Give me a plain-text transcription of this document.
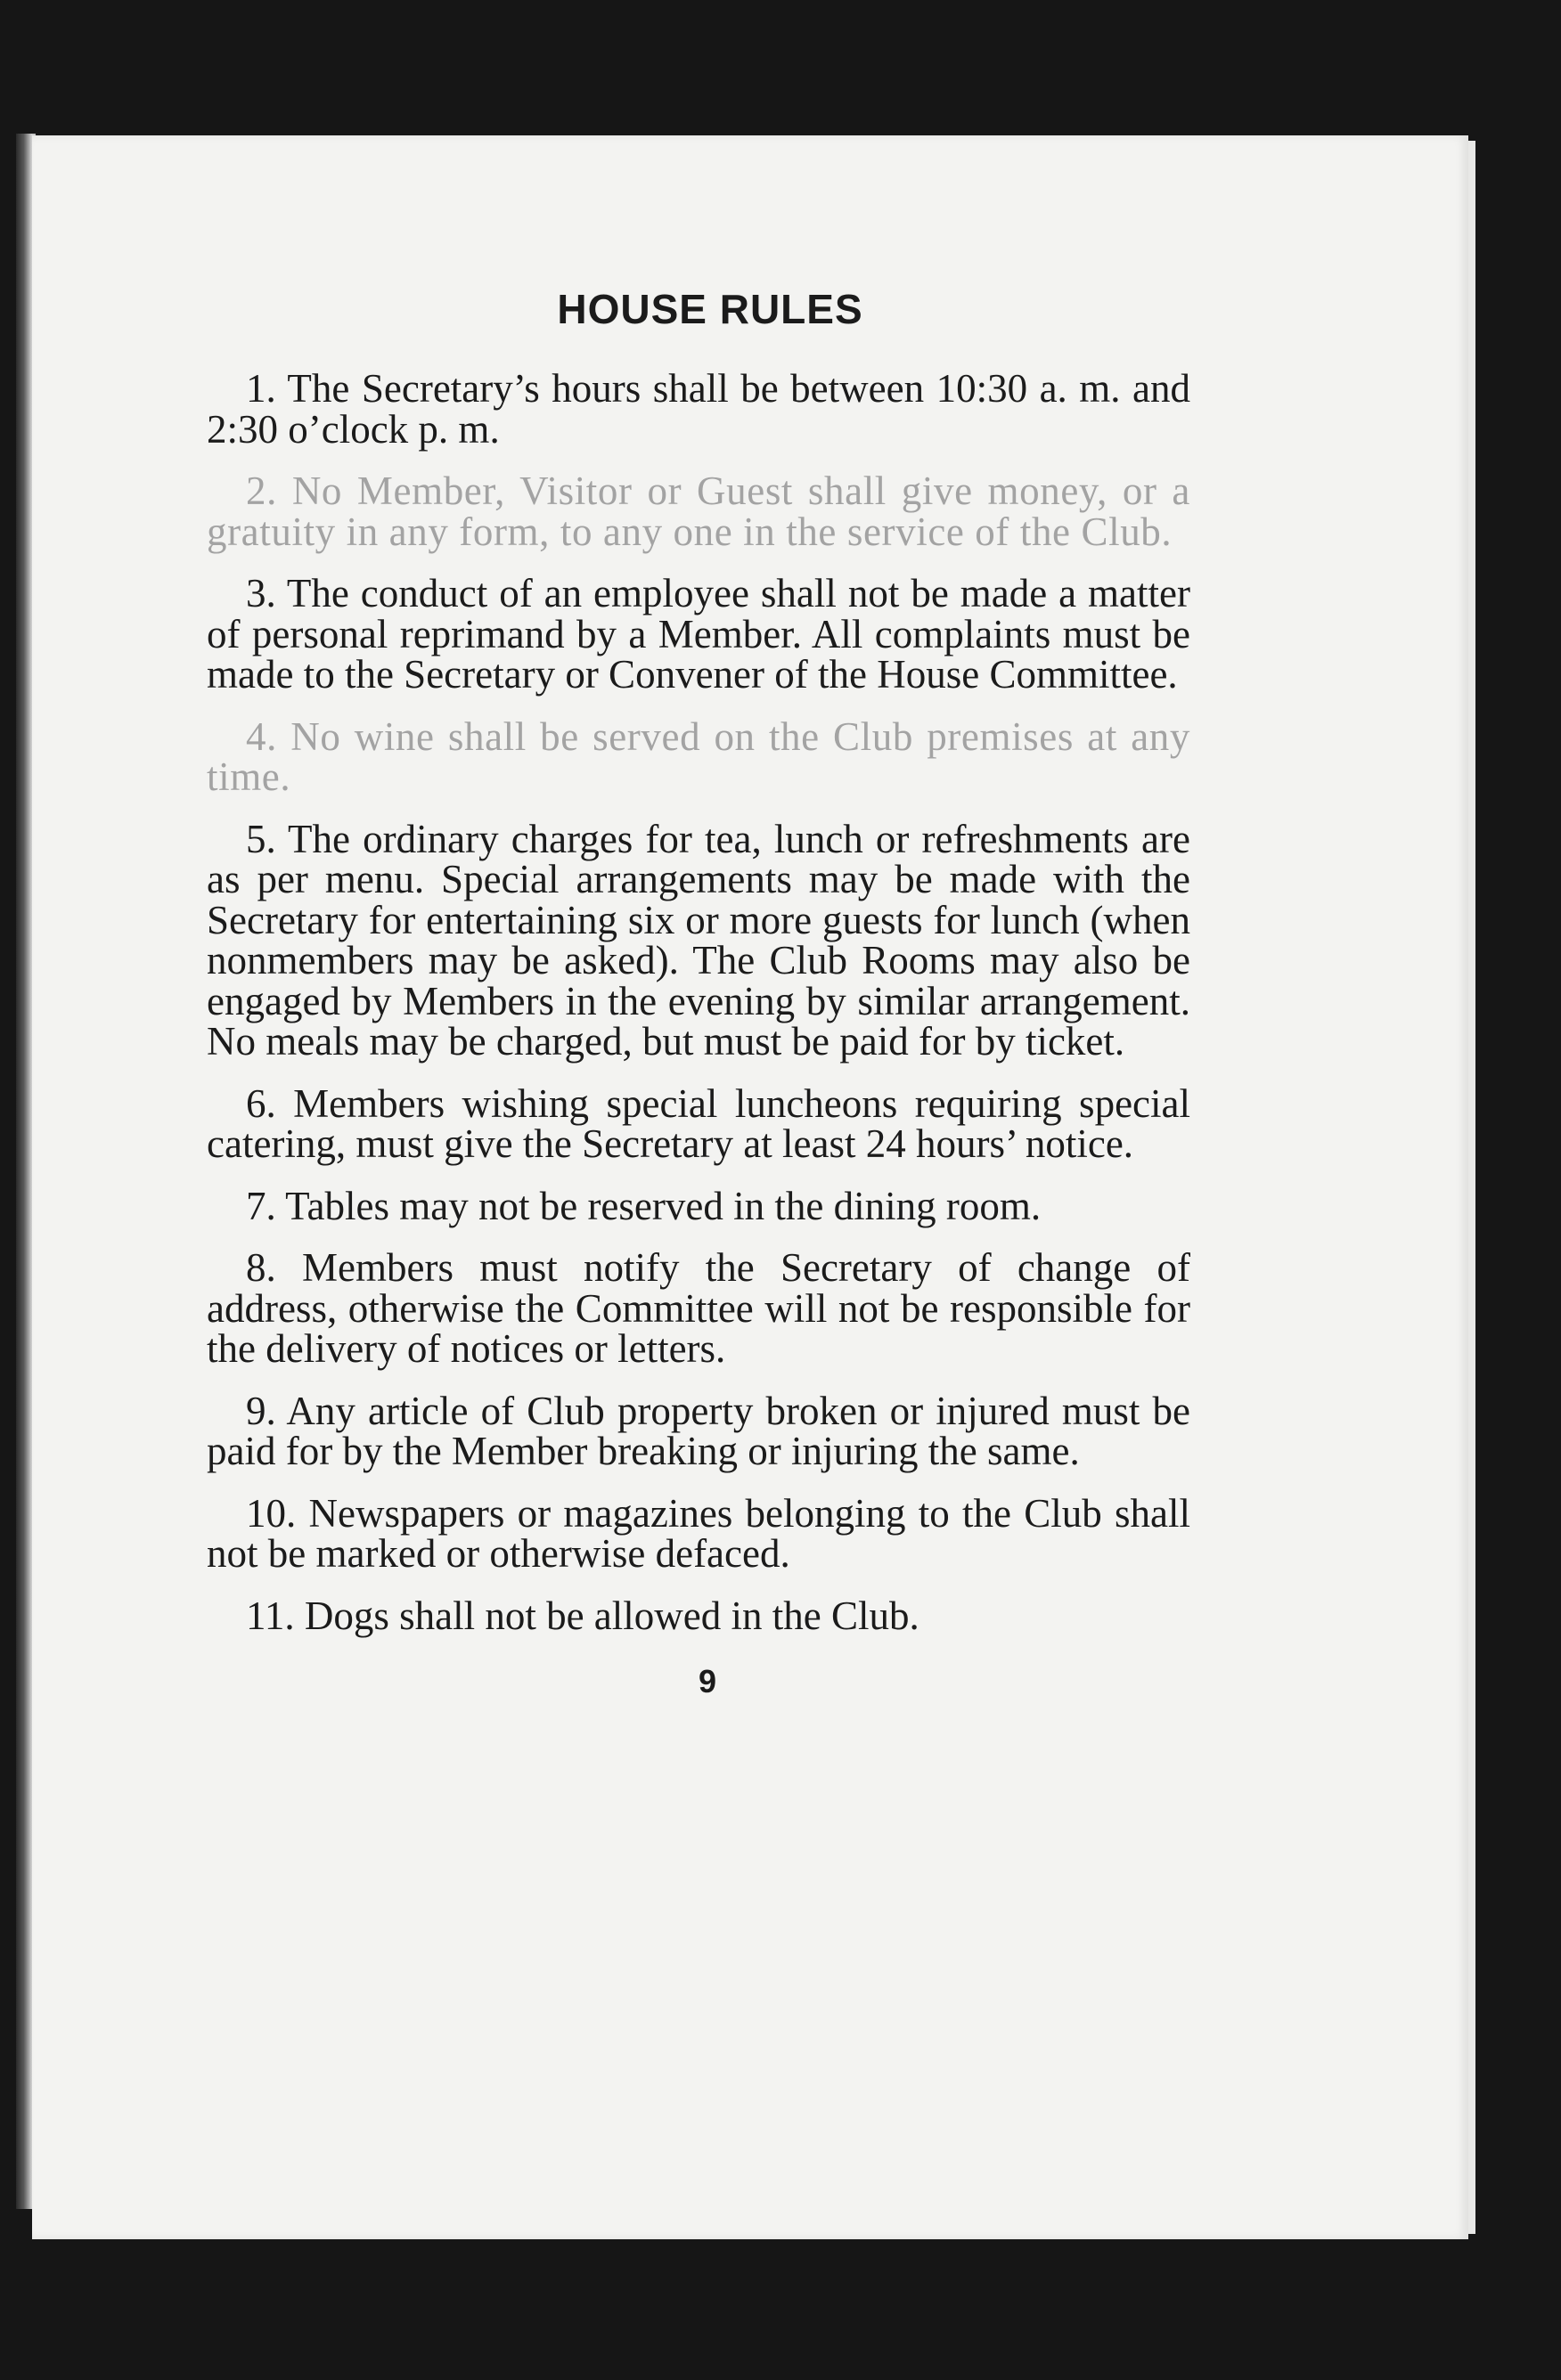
HOUSE RULES

1. The Secretary’s hours shall be between 10:30 a. m. and 2:30 o’clock p. m.

2. No Member, Visitor or Guest shall give money, or a gratuity in any form, to any one in the service of the Club.

3. The conduct of an employee shall not be made a matter of personal reprimand by a Member. All complaints must be made to the Secretary or Convener of the House Committee.

4. No wine shall be served on the Club premises at any time.

5. The ordinary charges for tea, lunch or refreshments are as per menu. Special arrangements may be made with the Secretary for entertaining six or more guests for lunch (when nonmembers may be asked). The Club Rooms may also be engaged by Members in the evening by similar arrangement. No meals may be charged, but must be paid for by ticket.

6. Members wishing special luncheons requiring special catering, must give the Secretary at least 24 hours’ notice.

7. Tables may not be reserved in the dining room.

8. Members must notify the Secretary of change of address, otherwise the Committee will not be responsible for the delivery of notices or letters.

9. Any article of Club property broken or injured must be paid for by the Member breaking or injuring the same.

10. Newspapers or magazines belonging to the Club shall not be marked or otherwise defaced.

11. Dogs shall not be allowed in the Club.

9
